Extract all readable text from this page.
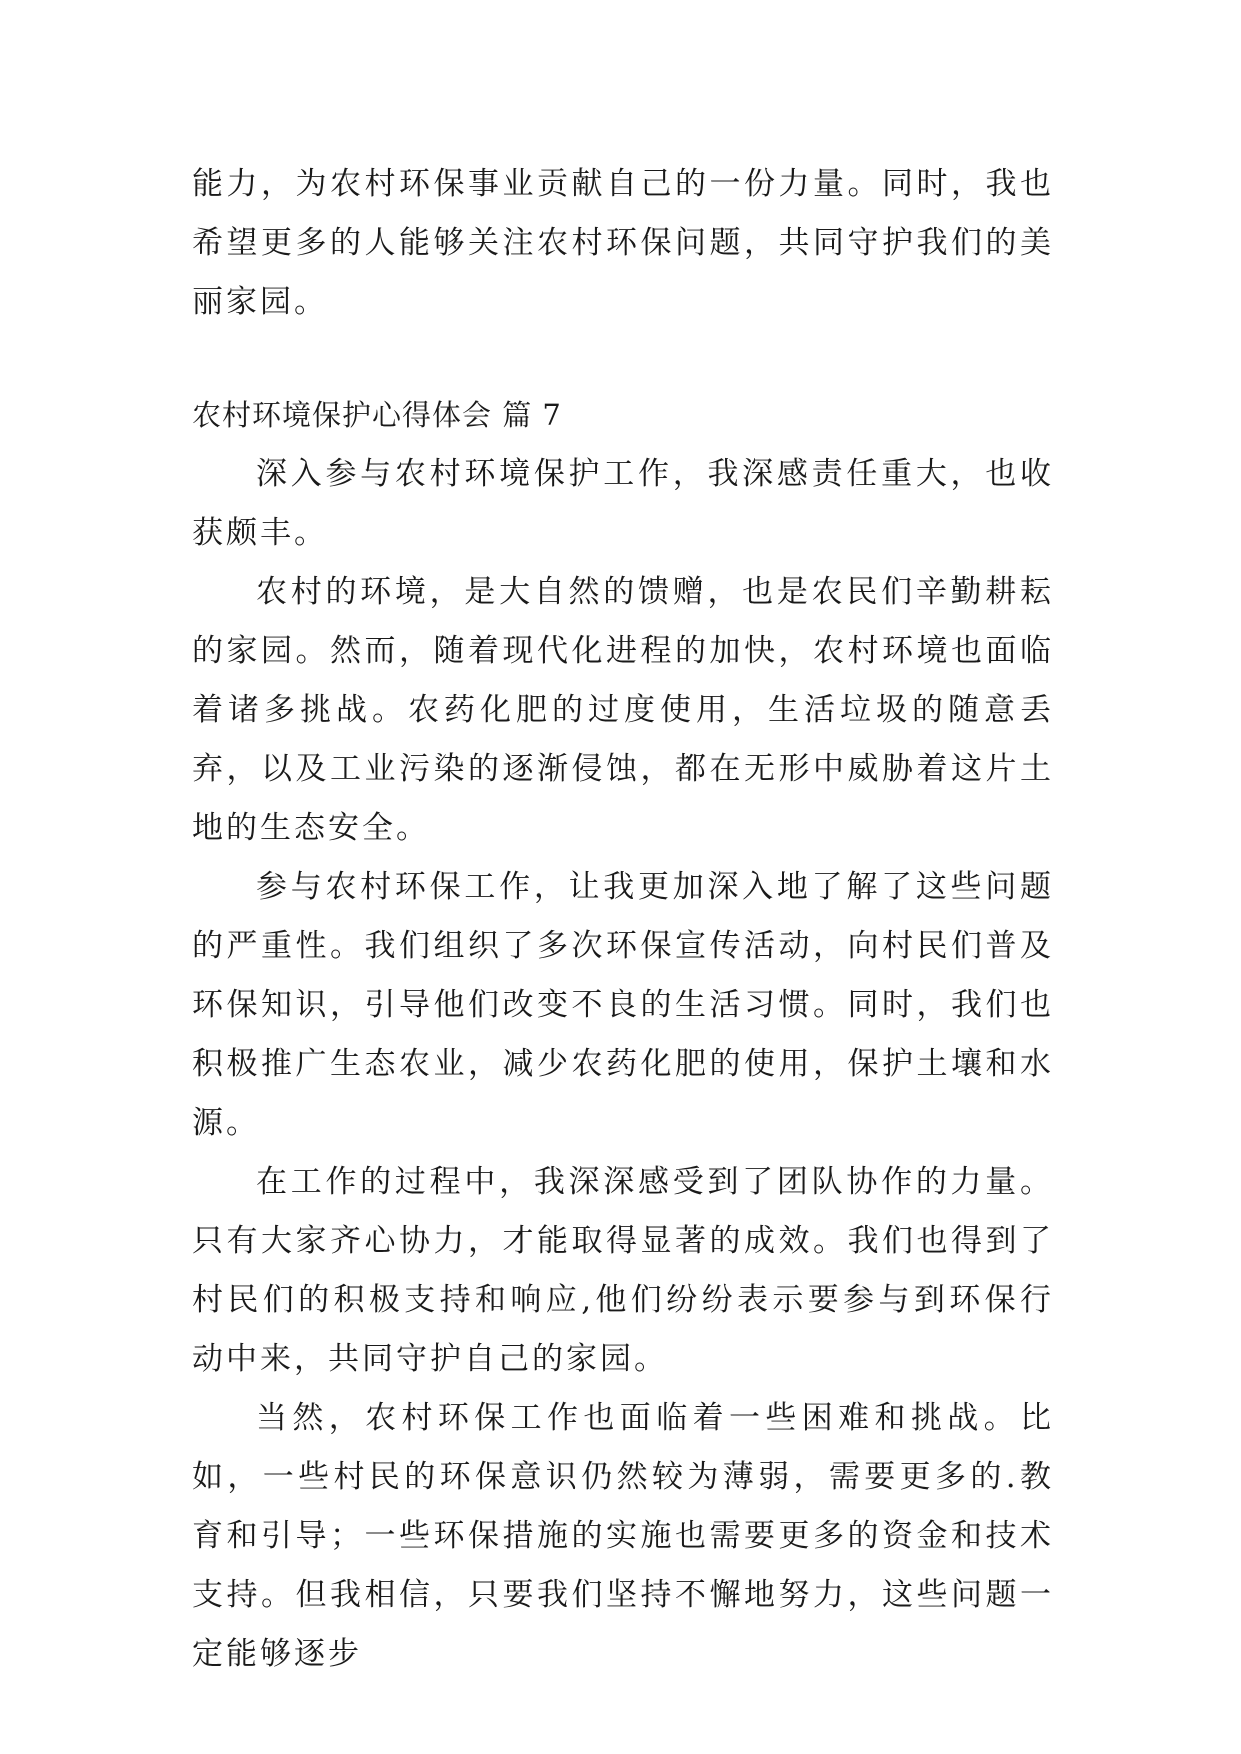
能力，为农村环保事业贡献自己的一份力量。同时，我也希望更多的人能够关注农村环保问题，共同守护我们的美丽家园。

农村环境保护心得体会 篇 7

深入参与农村环境保护工作，我深感责任重大，也收获颇丰。

农村的环境，是大自然的馈赠，也是农民们辛勤耕耘的家园。然而，随着现代化进程的加快，农村环境也面临着诸多挑战。农药化肥的过度使用，生活垃圾的随意丢弃，以及工业污染的逐渐侵蚀，都在无形中威胁着这片土地的生态安全。

参与农村环保工作，让我更加深入地了解了这些问题的严重性。我们组织了多次环保宣传活动，向村民们普及环保知识，引导他们改变不良的生活习惯。同时，我们也积极推广生态农业，减少农药化肥的使用，保护土壤和水源。

在工作的过程中，我深深感受到了团队协作的力量。只有大家齐心协力，才能取得显著的成效。我们也得到了村民们的积极支持和响应,他们纷纷表示要参与到环保行动中来，共同守护自己的家园。

当然，农村环保工作也面临着一些困难和挑战。比如，一些村民的环保意识仍然较为薄弱，需要更多的.教育和引导；一些环保措施的实施也需要更多的资金和技术支持。但我相信，只要我们坚持不懈地努力，这些问题一定能够逐步
